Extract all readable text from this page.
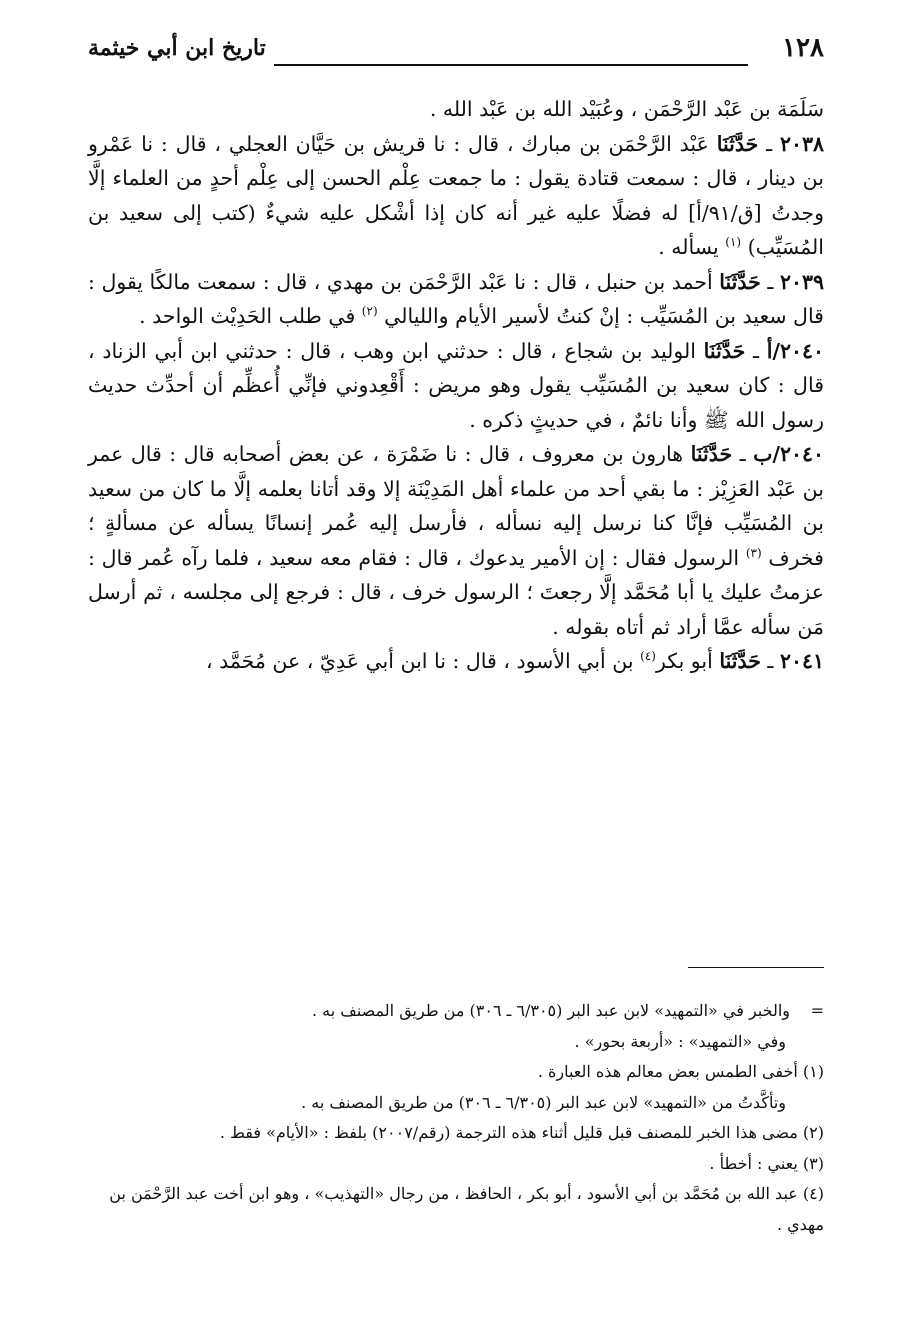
١٢٨
تاريخ ابن أبي خيثمة

سَلَمَة بن عَبْد الرَّحْمَن ، وعُبَيْد الله بن عَبْد الله .

٢٠٣٨ ـ حَدَّثَنَا عَبْد الرَّحْمَن بن مبارك ، قال : نا قريش بن حَيَّان العجلي ، قال : نا عَمْرو بن دينار ، قال : سمعت قتادة يقول : ما جمعت عِلْم الحسن إلى عِلْم أحدٍ من العلماء إلَّا وجدتُ [ق/٩١/أ] له فضلًا عليه غير أنه كان إذا أشْكل عليه شيءٌ (كتب إلى سعيد بن المُسَيِّب) $^{(١)}$ يسأله .

٢٠٣٩ ـ حَدَّثَنَا أحمد بن حنبل ، قال : نا عَبْد الرَّحْمَن بن مهدي ، قال : سمعت مالكًا يقول : قال سعيد بن المُسَيِّب : إنْ كنتُ لأسير الأيام والليالي $^{(٢)}$ في طلب الحَدِيْث الواحد .

٢٠٤٠/أ ـ حَدَّثَنَا الوليد بن شجاع ، قال : حدثني ابن وهب ، قال : حدثني ابن أبي الزناد ، قال : كان سعيد بن المُسَيِّب يقول وهو مريض : أَقْعِدوني فإنِّي أُعظِّم أن أحدِّث حديث رسول الله ﷺ وأنا نائمٌ ، في حديثٍ ذكره .

٢٠٤٠/ب ـ حَدَّثَنَا هارون بن معروف ، قال : نا ضَمْرَة ، عن بعض أصحابه قال : قال عمر بن عَبْد العَزِيْز : ما بقي أحد من علماء أهل المَدِيْنَة إلا وقد أتانا بعلمه إلَّا ما كان من سعيد بن المُسَيِّب فإنَّا كنا نرسل إليه نسأله ، فأرسل إليه عُمر إنسانًا يسأله عن مسألةٍ ؛ فخرف $^{(٣)}$ الرسول فقال : إن الأمير يدعوك ، قال : فقام معه سعيد ، فلما رآه عُمر قال : عزمتُ عليك يا أبا مُحَمَّد إلَّا رجعتَ ؛ الرسول خرف ، قال : فرجع إلى مجلسه ، ثم أرسل مَن سأله عمَّا أراد ثم أتاه بقوله .

٢٠٤١ ـ حَدَّثَنَا أبو بكر$^{(٤)}$ بن أبي الأسود ، قال : نا ابن أبي عَدِيّ ، عن مُحَمَّد ،

=والخبر في «التمهيد» لابن عبد البر (٦/٣٠٥ ـ ٣٠٦) من طريق المصنف به .

وفي «التمهيد» : «أربعة بحور» .

(١) أخفى الطمس بعض معالم هذه العبارة .

وتأكَّدتُ من «التمهيد» لابن عبد البر (٦/٣٠٥ ـ ٣٠٦) من طريق المصنف به .

(٢) مضى هذا الخبر للمصنف قبل قليل أثناء هذه الترجمة (رقم/٢٠٠٧) بلفظ : «الأيام» فقط .

(٣) يعني : أخطأ .

(٤) عبد الله بن مُحَمَّد بن أبي الأسود ، أبو بكر ، الحافظ ، من رجال «التهذيب» ، وهو ابن أخت عبد الرَّحْمَن بن مهدي .
